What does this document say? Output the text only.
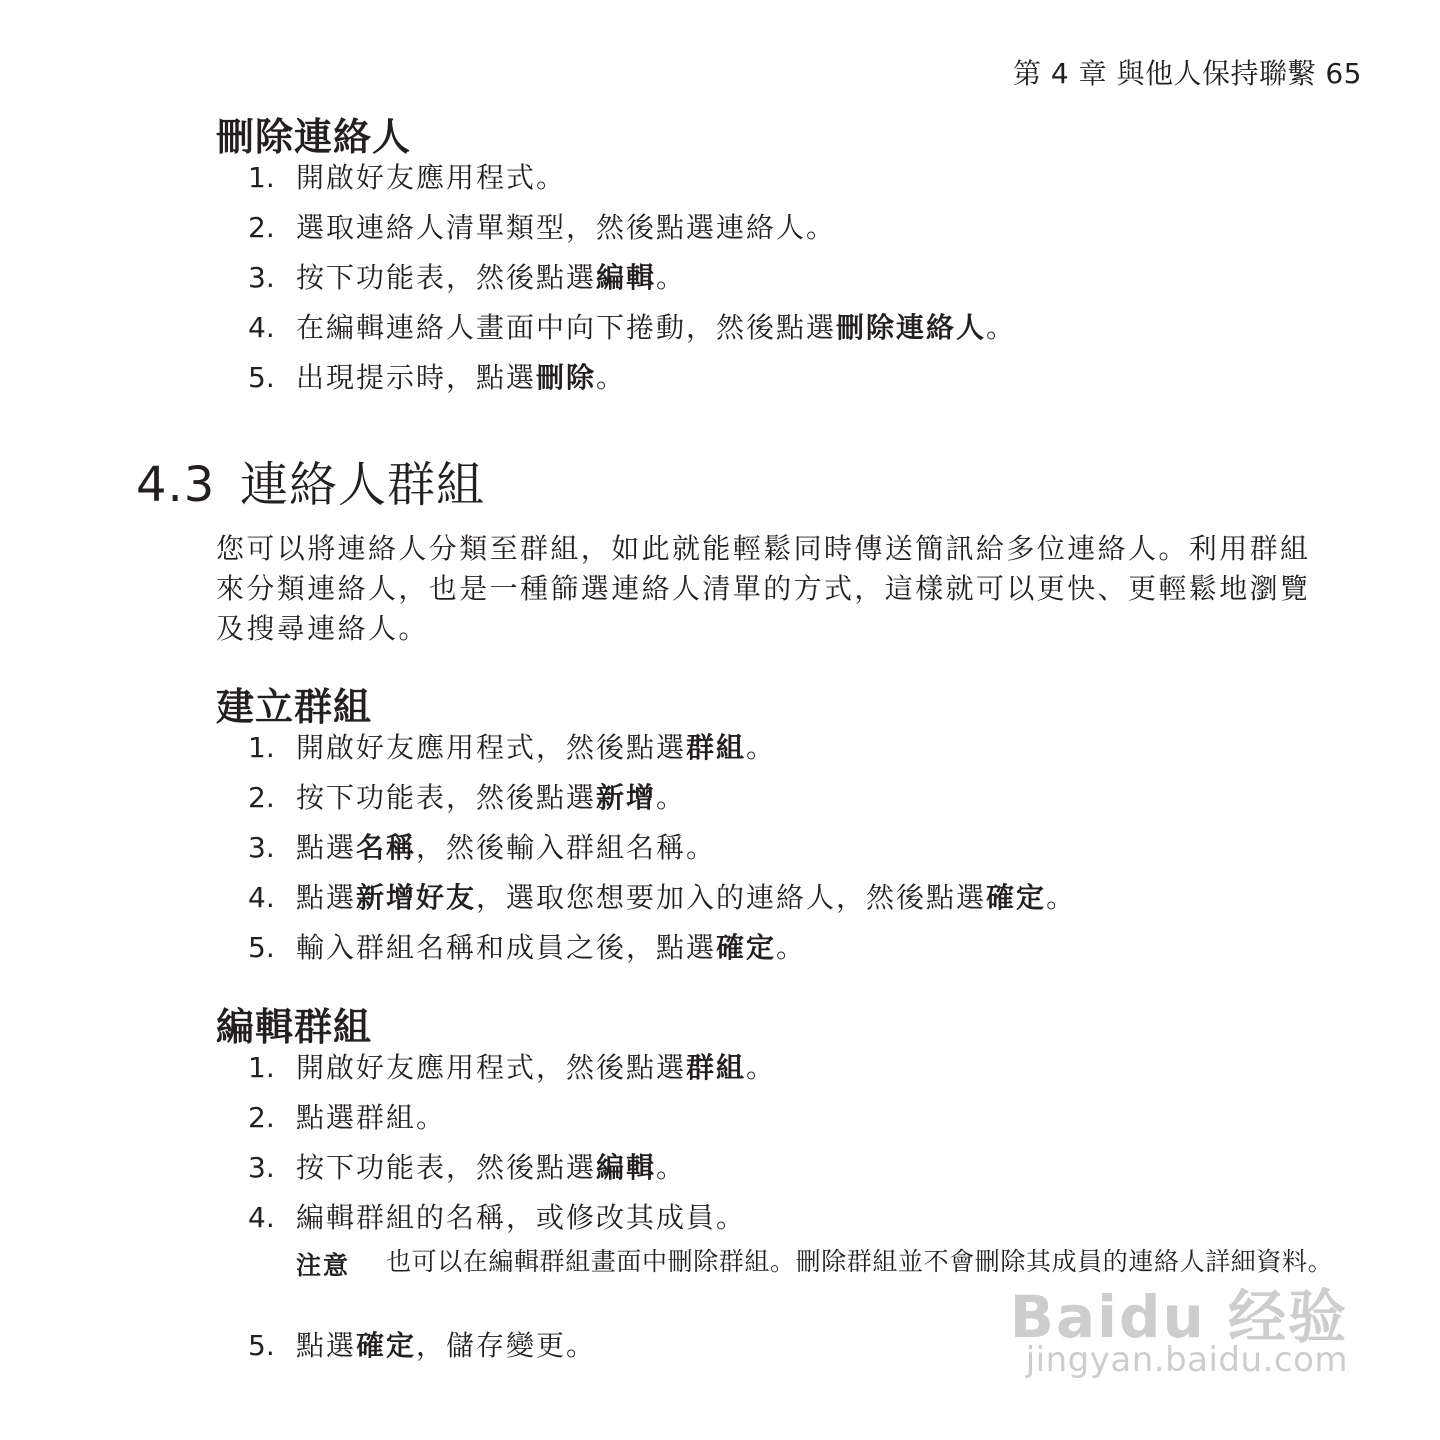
第 4 章 與他人保持聯繫 65
刪除連絡人
1. 開啟好友應用程式。
2. 選取連絡人清單類型，然後點選連絡人。
3. 按下功能表，然後點選編輯。
4. 在編輯連絡人畫面中向下捲動，然後點選刪除連絡人。
5. 出現提示時，點選刪除。
4.3 連絡人群組
您可以將連絡人分類至群組，如此就能輕鬆同時傳送簡訊給多位連絡人。利用群組來分類連絡人，也是一種篩選連絡人清單的方式，這樣就可以更快、更輕鬆地瀏覽及搜尋連絡人。
建立群組
1. 開啟好友應用程式，然後點選群組。
2. 按下功能表，然後點選新增。
3. 點選名稱，然後輸入群組名稱。
4. 點選新增好友，選取您想要加入的連絡人，然後點選確定。
5. 輸入群組名稱和成員之後，點選確定。
編輯群組
1. 開啟好友應用程式，然後點選群組。
2. 點選群組。
3. 按下功能表，然後點選編輯。
4. 編輯群組的名稱，或修改其成員。
注意 也可以在編輯群組畫面中刪除群組。刪除群組並不會刪除其成員的連絡人詳細資料。
5. 點選確定，儲存變更。	Baidu 经验
jingyan.baidu.com
